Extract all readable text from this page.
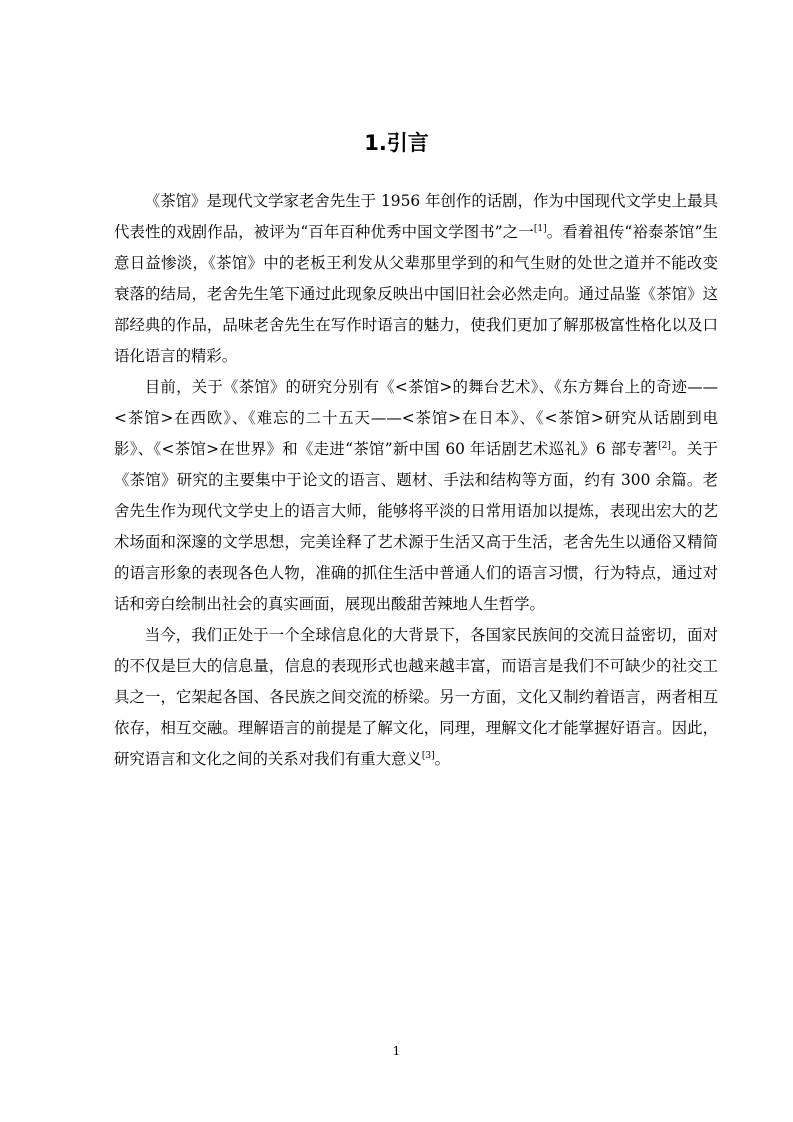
1.引言

《茶馆》是现代文学家老舍先生于 1956 年创作的话剧，作为中国现代文学史上最具代表性的戏剧作品，被评为“百年百种优秀中国文学图书”之一[1]。看着祖传“裕泰茶馆”生意日益惨淡，《茶馆》中的老板王利发从父辈那里学到的和气生财的处世之道并不能改变衰落的结局，老舍先生笔下通过此现象反映出中国旧社会必然走向。通过品鉴《茶馆》这部经典的作品，品味老舍先生在写作时语言的魅力，使我们更加了解那极富性格化以及口语化语言的精彩。

目前，关于《茶馆》的研究分别有《<茶馆>的舞台艺术》、《东方舞台上的奇迹——<茶馆>在西欧》、《难忘的二十五天——<茶馆>在日本》、《<茶馆>研究从话剧到电影》、《<茶馆>在世界》和《走进“茶馆”新中国 60 年话剧艺术巡礼》6 部专著[2]。关于《茶馆》研究的主要集中于论文的语言、题材、手法和结构等方面，约有 300 余篇。老舍先生作为现代文学史上的语言大师，能够将平淡的日常用语加以提炼，表现出宏大的艺术场面和深邃的文学思想，完美诠释了艺术源于生活又高于生活，老舍先生以通俗又精简的语言形象的表现各色人物，准确的抓住生活中普通人们的语言习惯，行为特点，通过对话和旁白绘制出社会的真实画面，展现出酸甜苦辣地人生哲学。

当今，我们正处于一个全球信息化的大背景下，各国家民族间的交流日益密切，面对的不仅是巨大的信息量，信息的表现形式也越来越丰富，而语言是我们不可缺少的社交工具之一，它架起各国、各民族之间交流的桥梁。另一方面，文化又制约着语言，两者相互依存，相互交融。理解语言的前提是了解文化，同理，理解文化才能掌握好语言。因此，研究语言和文化之间的关系对我们有重大意义[3]。

1
